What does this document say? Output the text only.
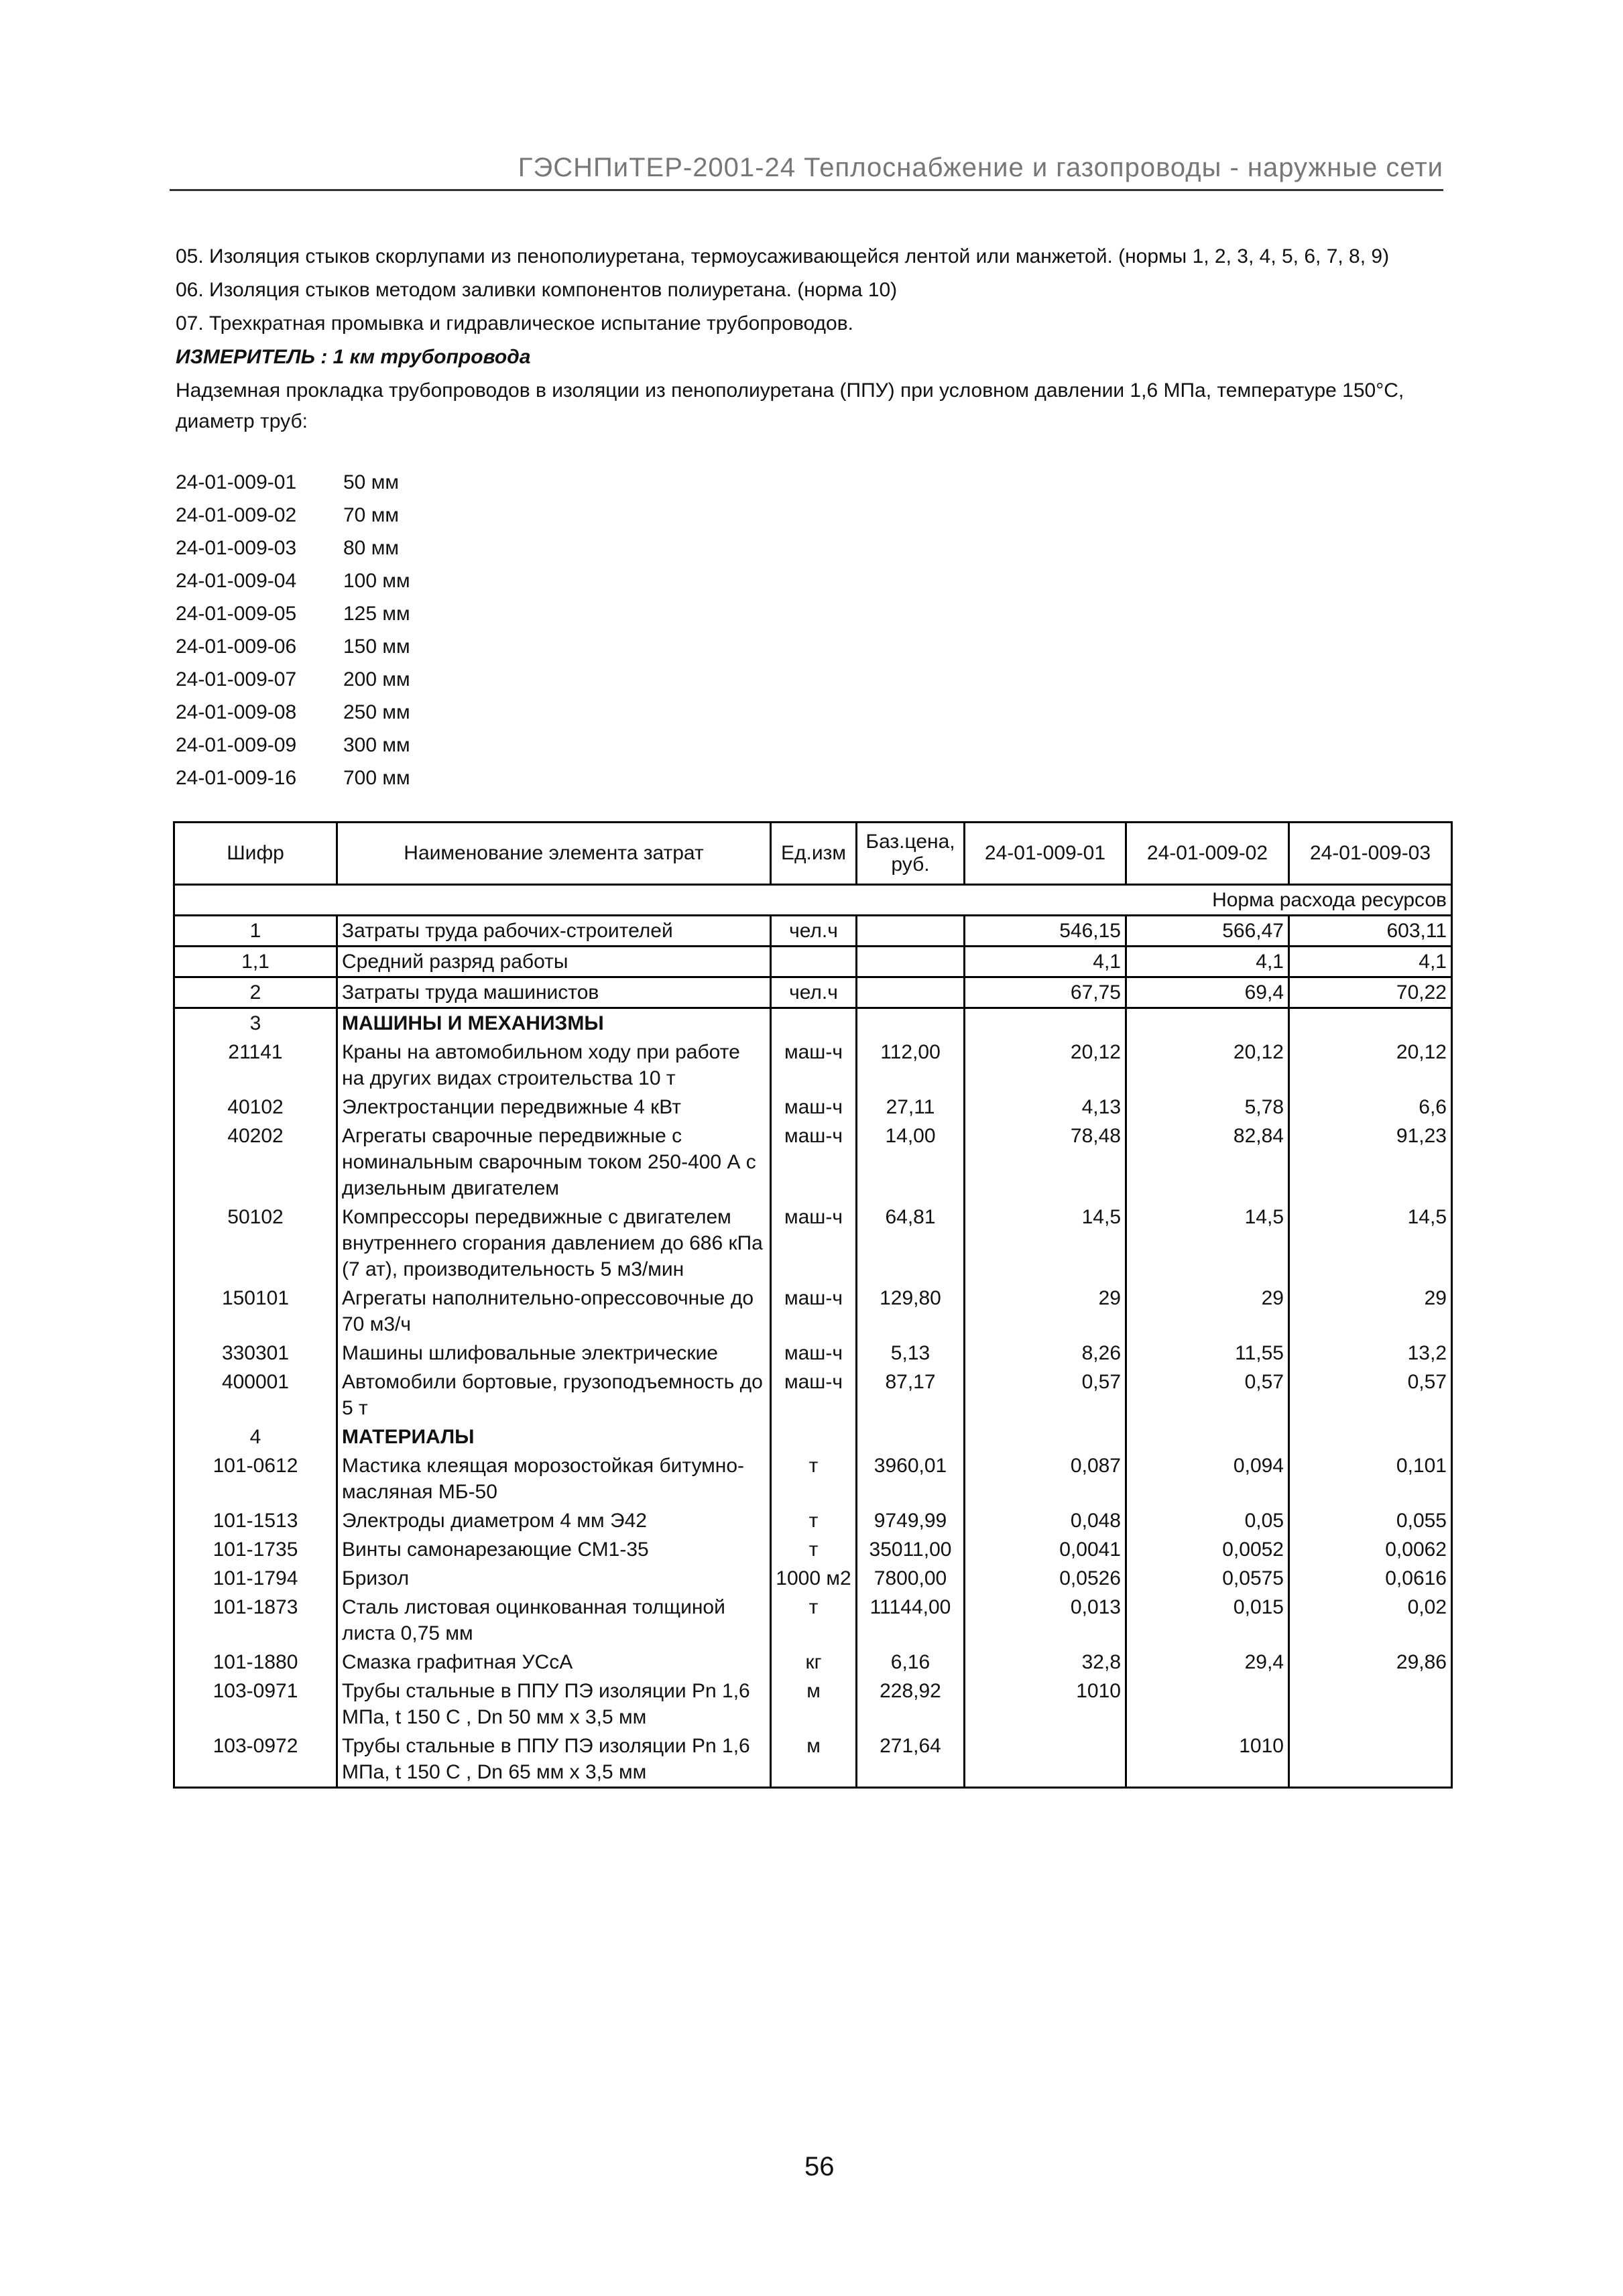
ГЭСНПиТЕР-2001-24 Теплоснабжение и газопроводы - наружные сети

05. Изоляция стыков скорлупами из пенополиуретана, термоусаживающейся лентой или манжетой. (нормы 1, 2, 3, 4, 5, 6, 7, 8, 9)

06. Изоляция стыков методом заливки компонентов полиуретана. (норма 10)

07. Трехкратная промывка и гидравлическое испытание трубопроводов.

ИЗМЕРИТЕЛЬ : 1 км трубопровода

Надземная прокладка трубопроводов в изоляции из пенополиуретана (ППУ) при условном давлении 1,6 МПа, температуре 150°С, диаметр труб:

24-01-009-01	50 мм
24-01-009-02	70 мм
24-01-009-03	80 мм
24-01-009-04	100 мм
24-01-009-05	125 мм
24-01-009-06	150 мм
24-01-009-07	200 мм
24-01-009-08	250 мм
24-01-009-09	300 мм
24-01-009-16	700 мм
Шифр	Наименование элемента затрат	Ед.изм	Баз.цена, руб.	24-01-009-01	24-01-009-02	24-01-009-03
Норма расхода ресурсов						
1	Затраты труда рабочих-строителей	чел.ч		546,15	566,47	603,11
1,1	Средний разряд работы			4,1	4,1	4,1
2	Затраты труда машинистов	чел.ч		67,75	69,4	70,22
3	МАШИНЫ И МЕХАНИЗМЫ					
21141	Краны на автомобильном ходу при работе на других видах строительства 10 т	маш-ч	112,00	20,12	20,12	20,12
40102	Электростанции передвижные 4 кВт	маш-ч	27,11	4,13	5,78	6,6
40202	Агрегаты сварочные передвижные с номинальным сварочным током 250-400 А с дизельным двигателем	маш-ч	14,00	78,48	82,84	91,23
50102	Компрессоры передвижные с двигателем внутреннего сгорания давлением до 686 кПа (7 ат), производительность 5 м3/мин	маш-ч	64,81	14,5	14,5	14,5
150101	Агрегаты наполнительно-опрессовочные до 70 м3/ч	маш-ч	129,80	29	29	29
330301	Машины шлифовальные электрические	маш-ч	5,13	8,26	11,55	13,2
400001	Автомобили бортовые, грузоподъемность до 5 т	маш-ч	87,17	0,57	0,57	0,57
4	МАТЕРИАЛЫ					
101-0612	Мастика клеящая морозостойкая битумно-масляная МБ-50	т	3960,01	0,087	0,094	0,101
101-1513	Электроды диаметром 4 мм Э42	т	9749,99	0,048	0,05	0,055
101-1735	Винты самонарезающие СМ1-35	т	35011,00	0,0041	0,0052	0,0062
101-1794	Бризол	1000 м2	7800,00	0,0526	0,0575	0,0616
101-1873	Сталь листовая оцинкованная толщиной листа 0,75 мм	т	11144,00	0,013	0,015	0,02
101-1880	Смазка графитная УСсА	кг	6,16	32,8	29,4	29,86
103-0971	Трубы стальные в ППУ ПЭ изоляции Рn 1,6 МПа, t 150 С , Dn 50 мм х 3,5 мм	м	228,92	1010		
103-0972	Трубы стальные в ППУ ПЭ изоляции Рn 1,6 МПа, t 150 С , Dn 65 мм х 3,5 мм	м	271,64		1010	
56
